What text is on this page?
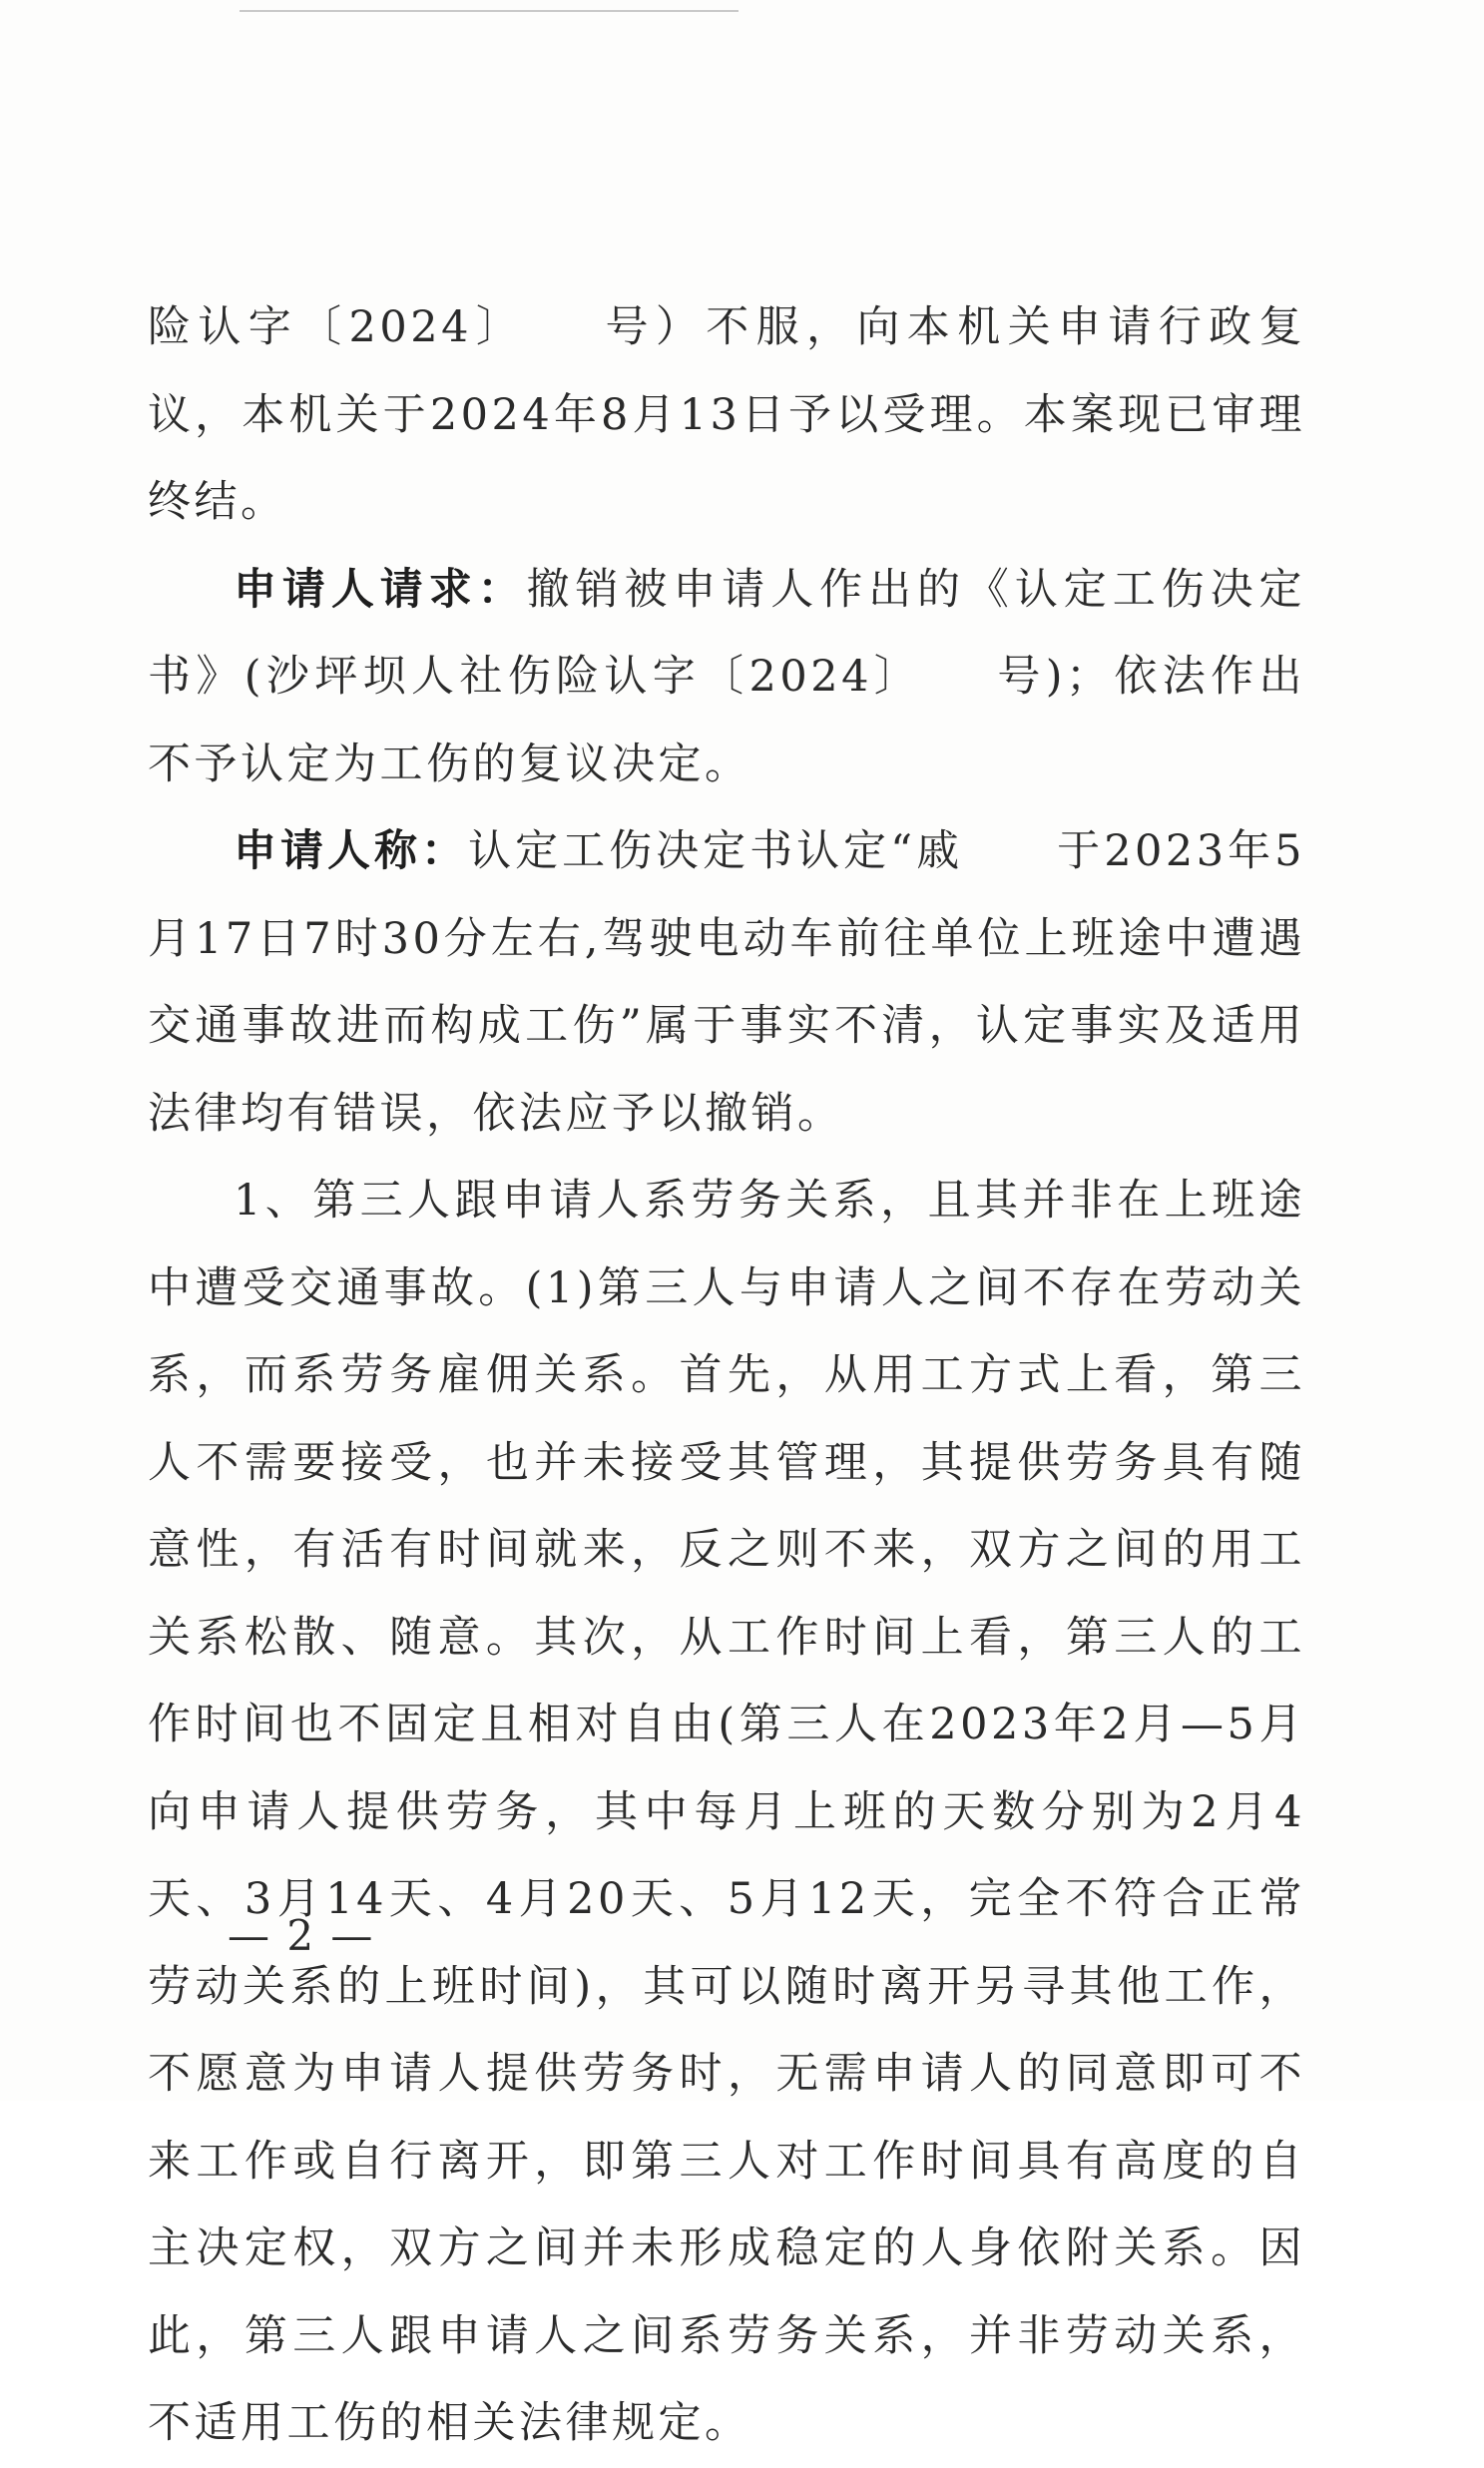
险认字〔2024〕　　号）不服，向本机关申请行政复议，本机关于2024年8月13日予以受理。本案现已审理终结。

申请人请求：撤销被申请人作出的《认定工伤决定书》(沙坪坝人社伤险认字〔2024〕　　号)；依法作出不予认定为工伤的复议决定。

申请人称：认定工伤决定书认定“戚　　于2023年5月17日7时30分左右,驾驶电动车前往单位上班途中遭遇交通事故进而构成工伤”属于事实不清，认定事实及适用法律均有错误，依法应予以撤销。

1、第三人跟申请人系劳务关系，且其并非在上班途中遭受交通事故。(1)第三人与申请人之间不存在劳动关系，而系劳务雇佣关系。首先，从用工方式上看，第三人不需要接受，也并未接受其管理，其提供劳务具有随意性，有活有时间就来，反之则不来，双方之间的用工关系松散、随意。其次，从工作时间上看，第三人的工作时间也不固定且相对自由(第三人在2023年2月—5月向申请人提供劳务，其中每月上班的天数分别为2月4天、3月14天、4月20天、5月12天，完全不符合正常劳动关系的上班时间)，其可以随时离开另寻其他工作，不愿意为申请人提供劳务时，无需申请人的同意即可不来工作或自行离开，即第三人对工作时间具有高度的自主决定权，双方之间并未形成稳定的人身依附关系。因此，第三人跟申请人之间系劳务关系，并非劳动关系，不适用工伤的相关法律规定。

— 2 —
